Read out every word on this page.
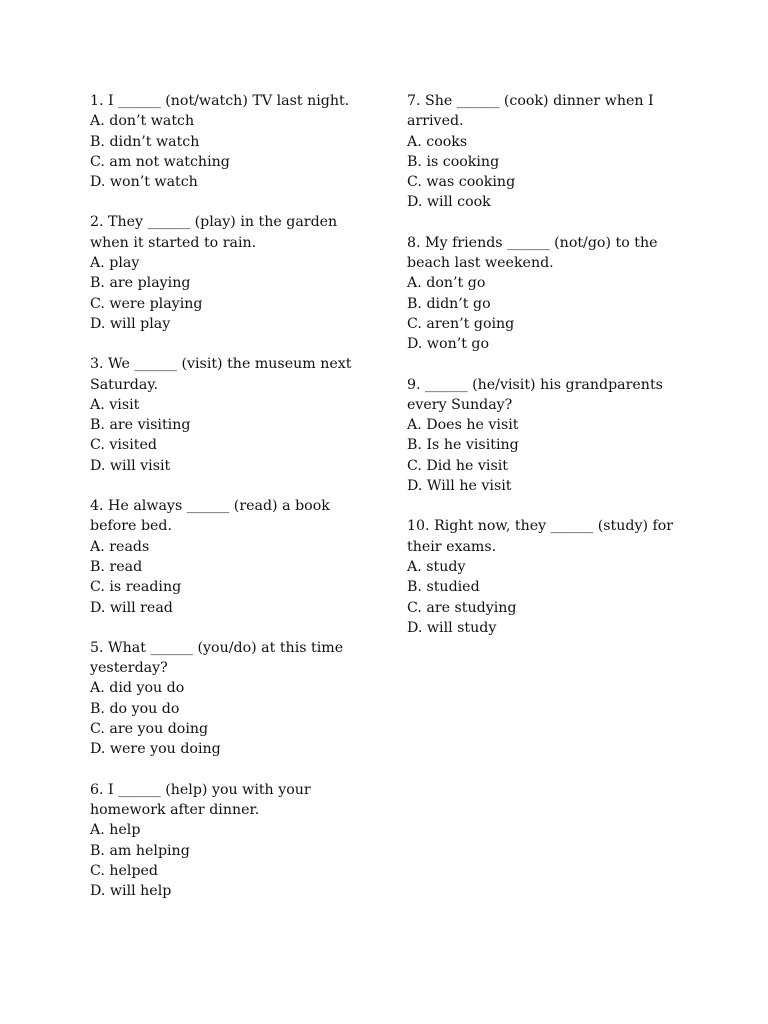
1. I ______ (not/watch) TV last night.
A. don’t watch
B. didn’t watch
C. am not watching
D. won’t watch
2. They ______ (play) in the garden
when it started to rain.
A. play
B. are playing
C. were playing
D. will play
3. We ______ (visit) the museum next
Saturday.
A. visit
B. are visiting
C. visited
D. will visit
4. He always ______ (read) a book
before bed.
A. reads
B. read
C. is reading
D. will read
5. What ______ (you/do) at this time
yesterday?
A. did you do
B. do you do
C. are you doing
D. were you doing
6. I ______ (help) you with your
homework after dinner.
A. help
B. am helping
C. helped
D. will help
7. She ______ (cook) dinner when I
arrived.
A. cooks
B. is cooking
C. was cooking
D. will cook
8. My friends ______ (not/go) to the
beach last weekend.
A. don’t go
B. didn’t go
C. aren’t going
D. won’t go
9. ______ (he/visit) his grandparents
every Sunday?
A. Does he visit
B. Is he visiting
C. Did he visit
D. Will he visit
10. Right now, they ______ (study) for
their exams.
A. study
B. studied
C. are studying
D. will study
